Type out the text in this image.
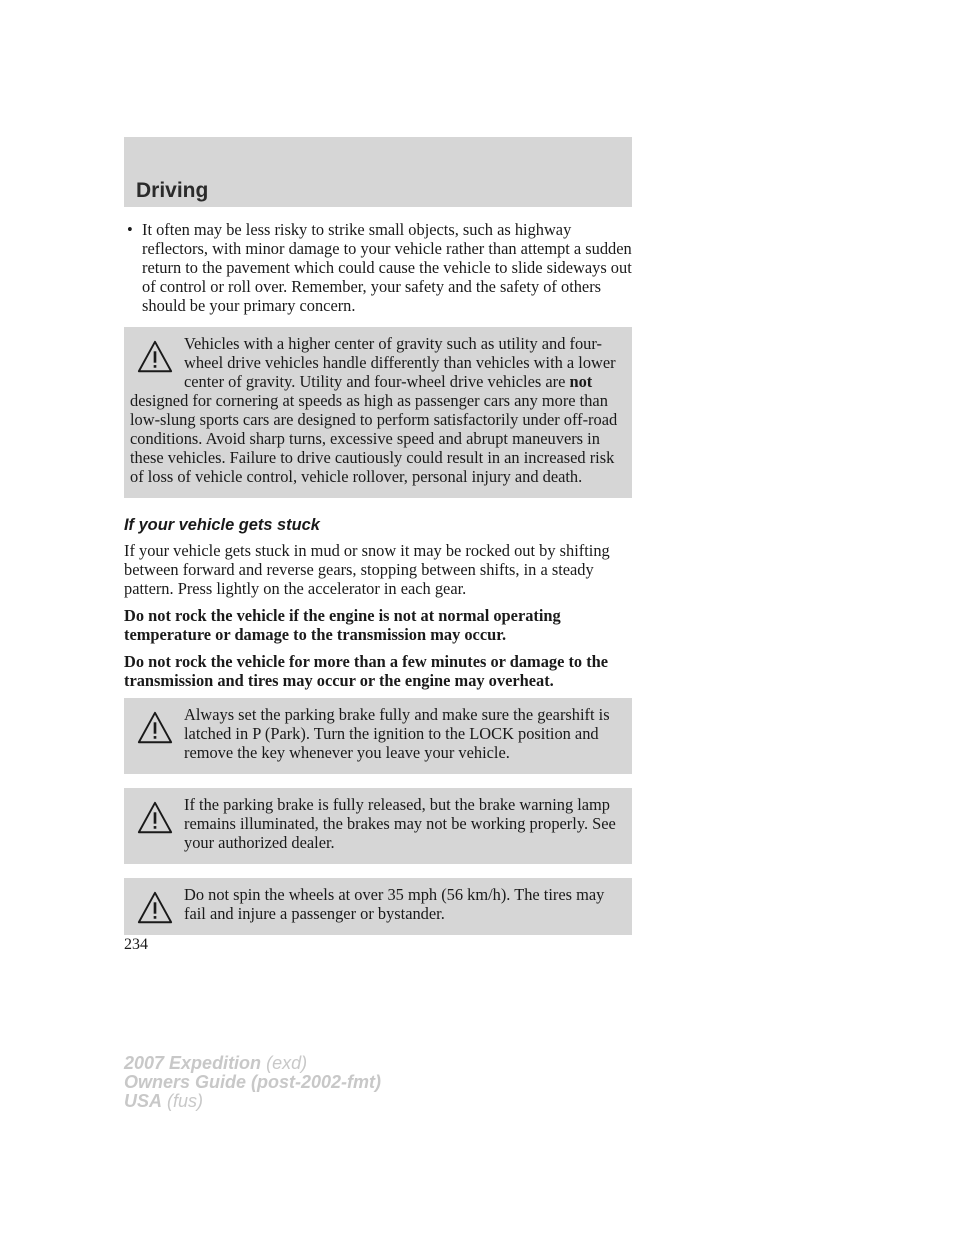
Driving
• It often may be less risky to strike small objects, such as highway reflectors, with minor damage to your vehicle rather than attempt a sudden return to the pavement which could cause the vehicle to slide sideways out of control or roll over. Remember, your safety and the safety of others should be your primary concern.

Vehicles with a higher center of gravity such as utility and four-wheel drive vehicles handle differently than vehicles with a lower center of gravity. Utility and four-wheel drive vehicles are not designed for cornering at speeds as high as passenger cars any more than low-slung sports cars are designed to perform satisfactorily under off-road conditions. Avoid sharp turns, excessive speed and abrupt maneuvers in these vehicles. Failure to drive cautiously could result in an increased risk of loss of vehicle control, vehicle rollover, personal injury and death.

If your vehicle gets stuck

If your vehicle gets stuck in mud or snow it may be rocked out by shifting between forward and reverse gears, stopping between shifts, in a steady pattern. Press lightly on the accelerator in each gear.

Do not rock the vehicle if the engine is not at normal operating temperature or damage to the transmission may occur.

Do not rock the vehicle for more than a few minutes or damage to the transmission and tires may occur or the engine may overheat.

Always set the parking brake fully and make sure the gearshift is latched in P (Park). Turn the ignition to the LOCK position and remove the key whenever you leave your vehicle.

If the parking brake is fully released, but the brake warning lamp remains illuminated, the brakes may not be working properly. See your authorized dealer.

Do not spin the wheels at over 35 mph (56 km/h). The tires may fail and injure a passenger or bystander.

234
2007 Expedition (exd)
Owners Guide (post-2002-fmt)
USA (fus)
